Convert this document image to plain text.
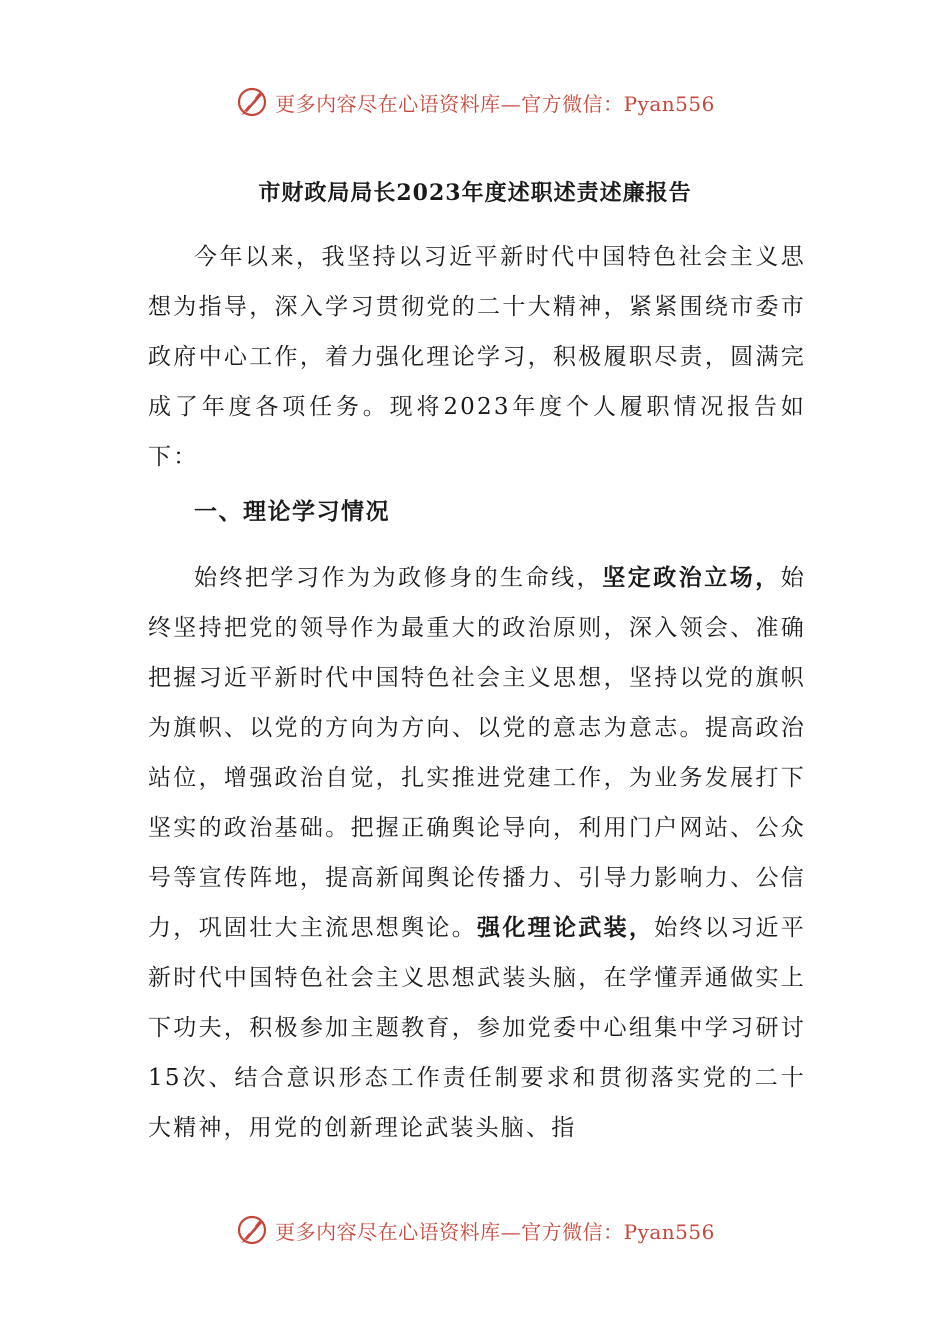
更多内容尽在心语资料库—官方微信：Pyan556
市财政局局长2023年度述职述责述廉报告

今年以来，我坚持以习近平新时代中国特色社会主义思想为指导，深入学习贯彻党的二十大精神，紧紧围绕市委市政府中心工作，着力强化理论学习，积极履职尽责，圆满完成了年度各项任务。现将2023年度个人履职情况报告如下：

一、理论学习情况

始终把学习作为为政修身的生命线，坚定政治立场，始终坚持把党的领导作为最重大的政治原则，深入领会、准确把握习近平新时代中国特色社会主义思想，坚持以党的旗帜为旗帜、以党的方向为方向、以党的意志为意志。提高政治站位，增强政治自觉，扎实推进党建工作，为业务发展打下坚实的政治基础。把握正确舆论导向，利用门户网站、公众号等宣传阵地，提高新闻舆论传播力、引导力影响力、公信力，巩固壮大主流思想舆论。强化理论武装，始终以习近平新时代中国特色社会主义思想武装头脑，在学懂弄通做实上下功夫，积极参加主题教育，参加党委中心组集中学习研讨15次、结合意识形态工作责任制要求和贯彻落实党的二十大精神，用党的创新理论武装头脑、指

更多内容尽在心语资料库—官方微信：Pyan556
